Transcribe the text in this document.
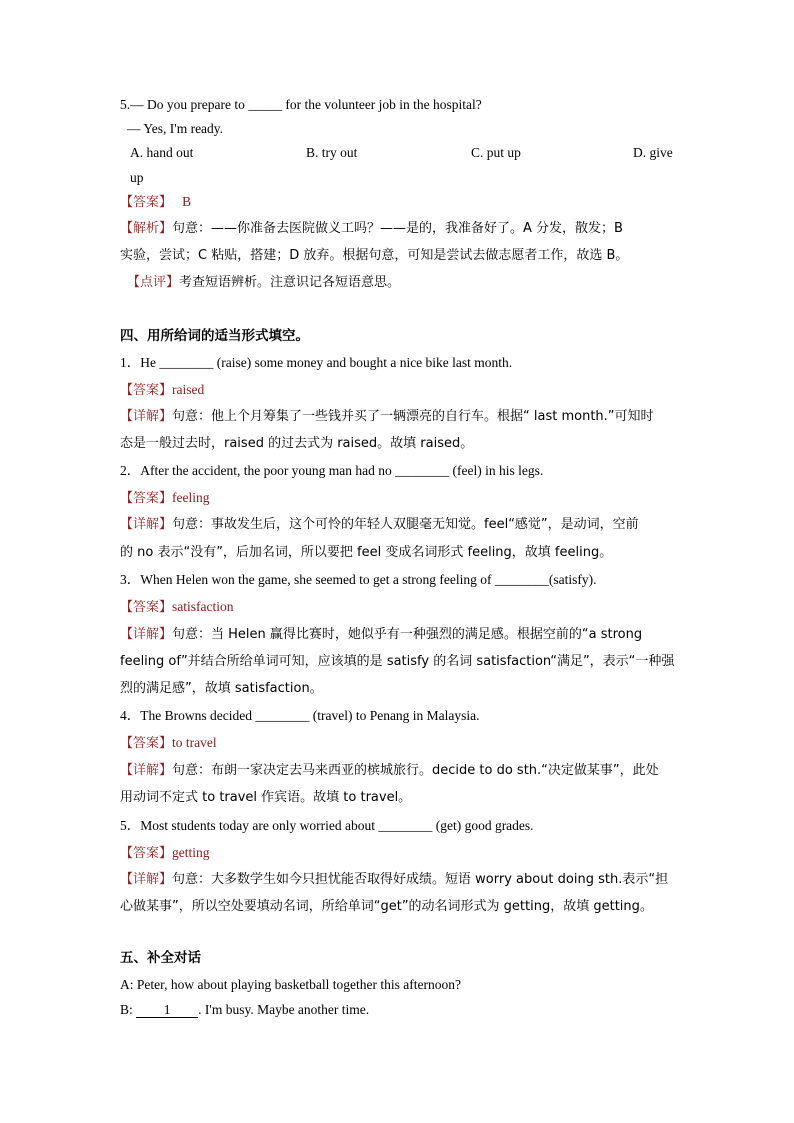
5.— Do you prepare to _____ for the volunteer job in the hospital?
— Yes, I'm ready.
A. hand out	B. try out	C. put up	D. give
up
【答案】 B
【解析】句意：——你准备去医院做义工吗？——是的，我准备好了。A 分发，散发；B
实验，尝试；C 粘贴，搭建；D 放弃。根据句意，可知是尝试去做志愿者工作，故选 B。
【点评】考查短语辨析。注意识记各短语意思。
四、用所给词的适当形式填空。
1．He ________ (raise) some money and bought a nice bike last month.
【答案】raised
【详解】句意：他上个月筹集了一些钱并买了一辆漂亮的自行车。根据“ last month.”可知时
态是一般过去时，raised 的过去式为 raised。故填 raised。
2．After the accident, the poor young man had no ________ (feel) in his legs.
【答案】feeling
【详解】句意：事故发生后，这个可怜的年轻人双腿毫无知觉。feel“感觉”，是动词，空前
的 no 表示“没有”，后加名词，所以要把 feel 变成名词形式 feeling，故填 feeling。
3．When Helen won the game, she seemed to get a strong feeling of ________(satisfy).
【答案】satisfaction
【详解】句意：当 Helen 赢得比赛时，她似乎有一种强烈的满足感。根据空前的“a strong
feeling of”并结合所给单词可知，应该填的是 satisfy 的名词 satisfaction“满足”，表示“一种强
烈的满足感”，故填 satisfaction。
4．The Browns decided ________ (travel) to Penang in Malaysia.
【答案】to travel
【详解】句意：布朗一家决定去马来西亚的槟城旅行。decide to do sth.“决定做某事”，此处
用动词不定式 to travel 作宾语。故填 to travel。
5．Most students today are only worried about ________ (get) good grades.
【答案】getting
【详解】句意：大多数学生如今只担忧能否取得好成绩。短语 worry about doing sth.表示“担
心做某事”，所以空处要填动名词，所给单词“get”的动名词形式为 getting，故填 getting。
五、补全对话
A: Peter, how about playing basketball together this afternoon?
B: 1 . I'm busy. Maybe another time.
